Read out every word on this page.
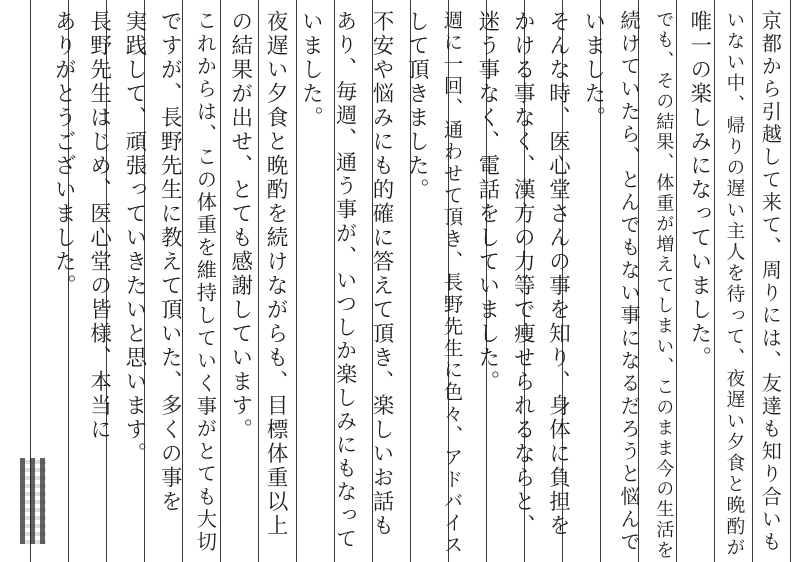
京都から引越して来て、周りには、友達も知り合いも
いない中、帰りの遅い主人を待って、夜遅い夕食と晩酌が
唯一の楽しみになっていました。
でも、その結果、体重が増えてしまい、このまま今の生活を
続けていたら、とんでもない事になるだろうと悩んで
いました。
そんな時、医心堂さんの事を知り、身体に負担を
かける事なく、漢方の力等で痩せられるならと、
迷う事なく、電話をしていました。
週に一回、通わせて頂き、長野先生に色々、アドバイス
して頂きました。
不安や悩みにも的確に答えて頂き、楽しいお話も
あり、毎週、通う事が、いつしか楽しみにもなって
いました。
夜遅い夕食と晩酌を続けながらも、目標体重以上
の結果が出せ、とても感謝しています。
これからは、この体重を維持していく事がとても大切
ですが、長野先生に教えて頂いた、多くの事を
実践して、頑張っていきたいと思います。
長野先生はじめ、医心堂の皆様、本当に
ありがとうございました。
